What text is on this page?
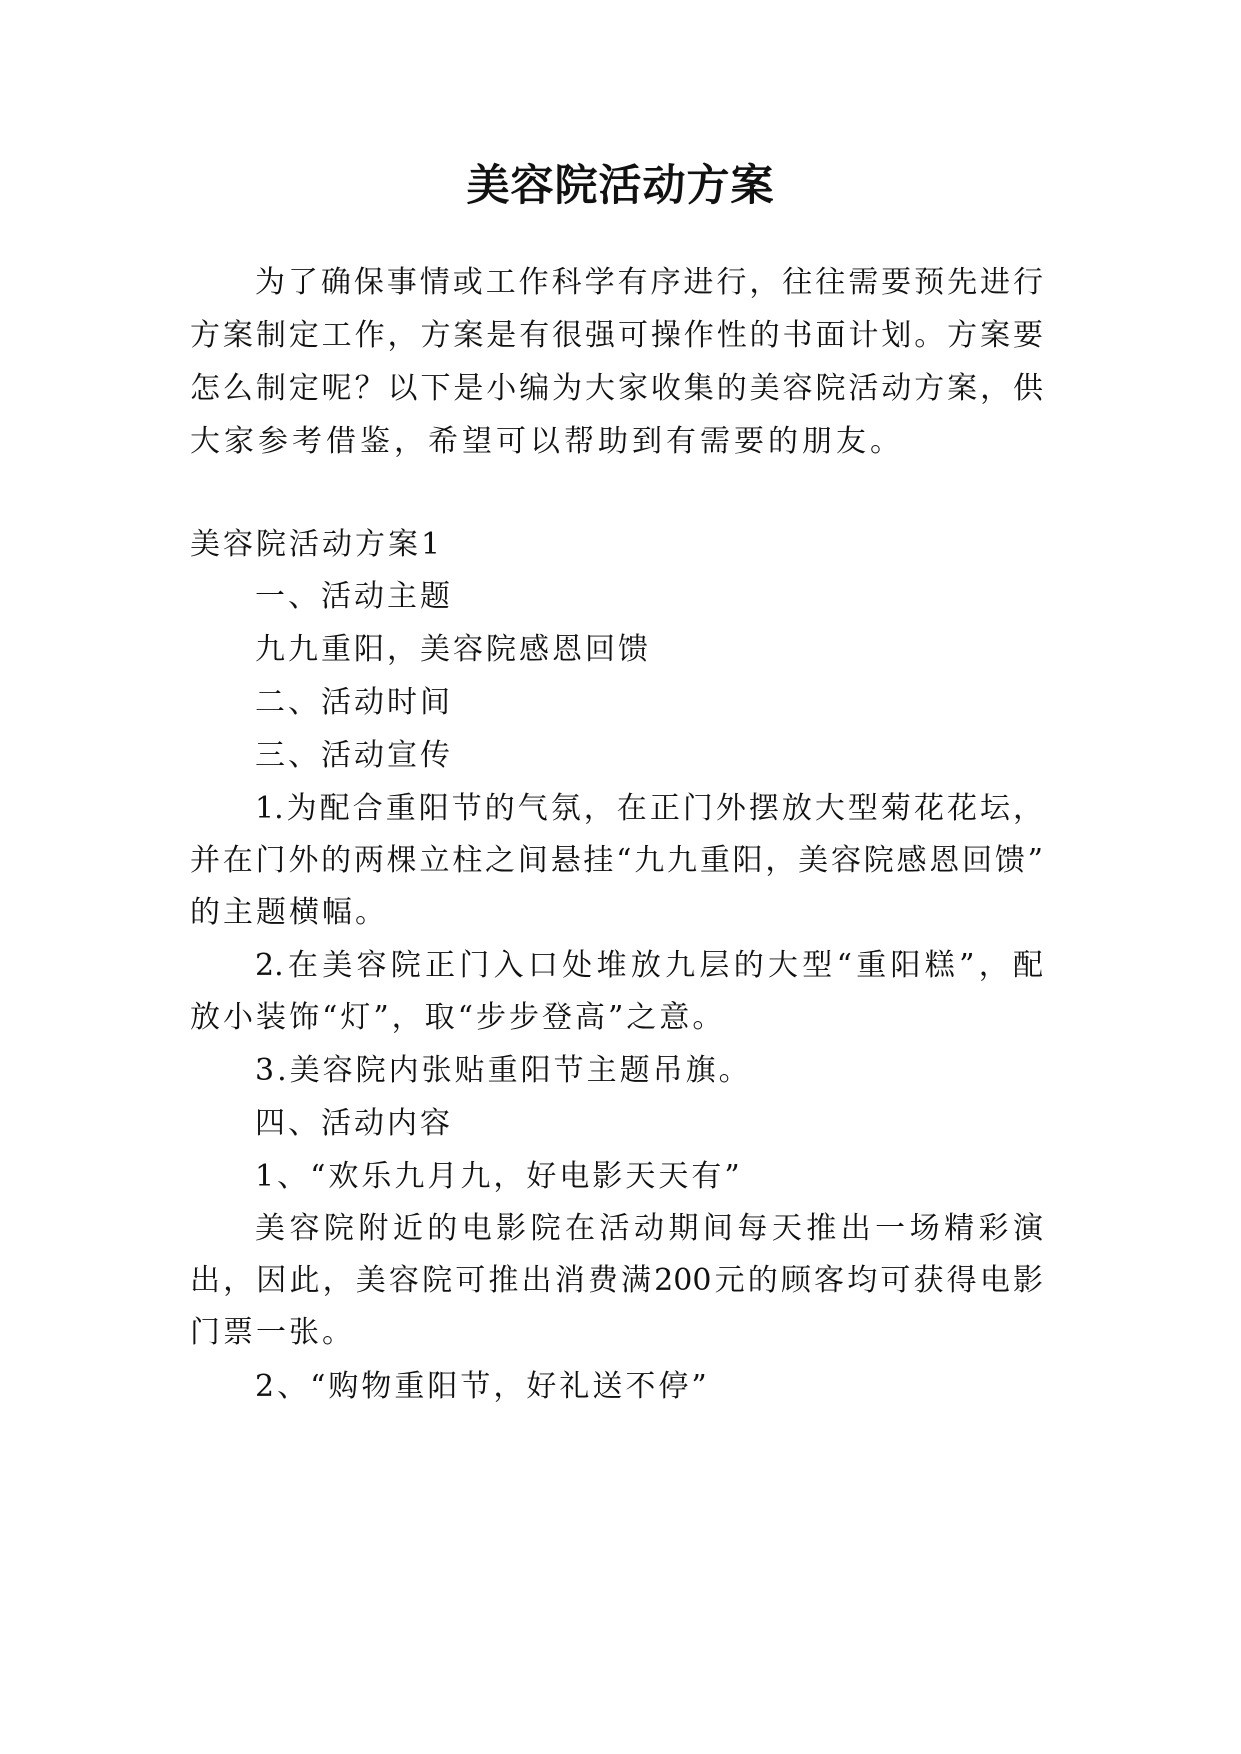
美容院活动方案
为了确保事情或工作科学有序进行，往往需要预先进行
方案制定工作，方案是有很强可操作性的书面计划。方案要
怎么制定呢？以下是小编为大家收集的美容院活动方案，供
大家参考借鉴，希望可以帮助到有需要的朋友。
美容院活动方案1
一、活动主题
九九重阳，美容院感恩回馈
二、活动时间
三、活动宣传
1.为配合重阳节的气氛，在正门外摆放大型菊花花坛，
并在门外的两棵立柱之间悬挂“九九重阳，美容院感恩回馈”
的主题横幅。
2.在美容院正门入口处堆放九层的大型“重阳糕”，配
放小装饰“灯”，取“步步登高”之意。
3.美容院内张贴重阳节主题吊旗。
四、活动内容
1、“欢乐九月九，好电影天天有”
美容院附近的电影院在活动期间每天推出一场精彩演
出，因此，美容院可推出消费满200元的顾客均可获得电影
门票一张。
2、“购物重阳节，好礼送不停”
